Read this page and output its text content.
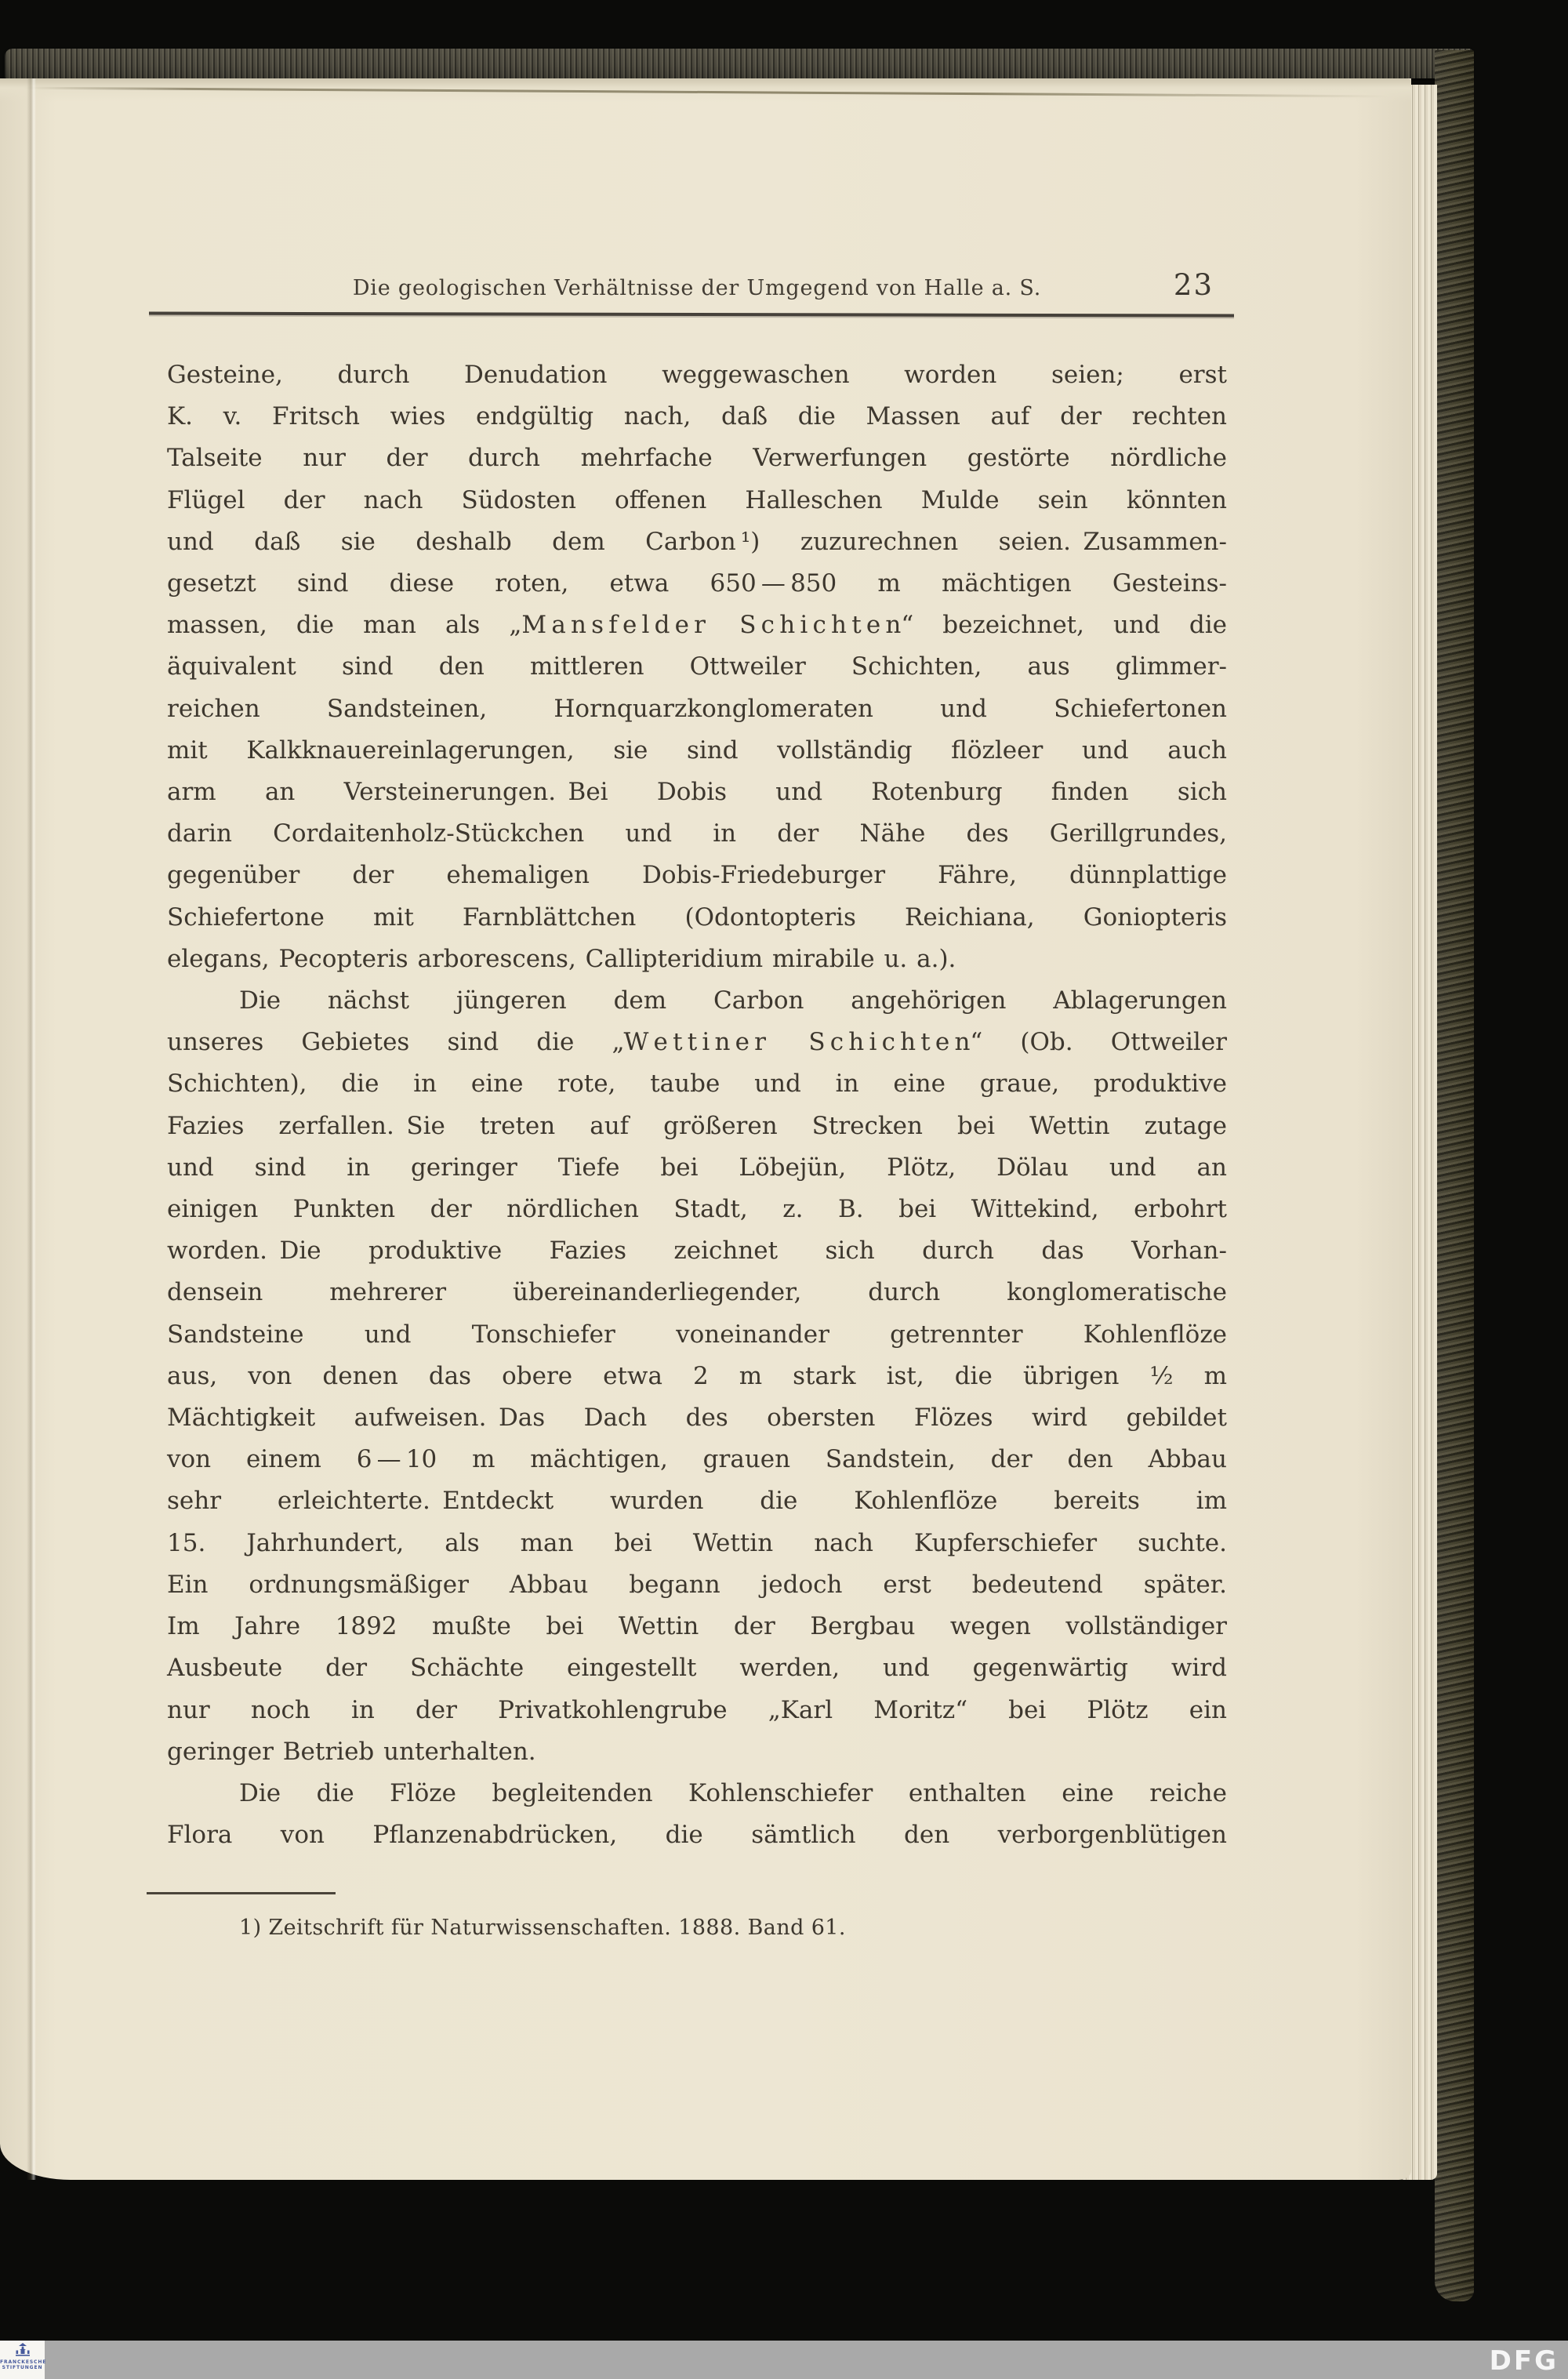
Die geologischen Verhältnisse der Umgegend von Halle a. S.	23
Gesteine, durch Denudation weggewaschen worden seien; erst
K. v. Fritsch wies endgültig nach, daß die Massen auf der rechten
Talseite nur der durch mehrfache Verwerfungen gestörte nördliche
Flügel der nach Südosten offenen Halleschen Mulde sein könnten
und daß sie deshalb dem Carbon ¹) zuzurechnen seien. Zusammen-
gesetzt sind diese roten, etwa 650 — 850 m mächtigen Gesteins-
massen, die man als „M a n s f e l d e r  S c h i c h t e n“ bezeichnet, und die
äquivalent sind den mittleren Ottweiler Schichten, aus glimmer-
reichen Sandsteinen, Hornquarzkonglomeraten und Schiefertonen
mit Kalkknauereinlagerungen, sie sind vollständig flözleer und auch
arm an Versteinerungen. Bei Dobis und Rotenburg finden sich
darin Cordaitenholz-Stückchen und in der Nähe des Gerillgrundes,
gegenüber der ehemaligen Dobis-Friedeburger Fähre, dünnplattige
Schiefertone mit Farnblättchen (Odontopteris Reichiana, Goniopteris
elegans, Pecopteris arborescens, Callipteridium mirabile u. a.).
Die nächst jüngeren dem Carbon angehörigen Ablagerungen
unseres Gebietes sind die „W e t t i n e r  S c h i c h t e n“ (Ob. Ottweiler
Schichten), die in eine rote, taube und in eine graue, produktive
Fazies zerfallen. Sie treten auf größeren Strecken bei Wettin zutage
und sind in geringer Tiefe bei Löbejün, Plötz, Dölau und an
einigen Punkten der nördlichen Stadt, z. B. bei Wittekind, erbohrt
worden. Die produktive Fazies zeichnet sich durch das Vorhan-
densein mehrerer übereinanderliegender, durch konglomeratische
Sandsteine und Tonschiefer voneinander getrennter Kohlenflöze
aus, von denen das obere etwa 2 m stark ist, die übrigen ½ m
Mächtigkeit aufweisen. Das Dach des obersten Flözes wird gebildet
von einem 6 — 10 m mächtigen, grauen Sandstein, der den Abbau
sehr erleichterte. Entdeckt wurden die Kohlenflöze bereits im
15. Jahrhundert, als man bei Wettin nach Kupferschiefer suchte.
Ein ordnungsmäßiger Abbau begann jedoch erst bedeutend später.
Im Jahre 1892 mußte bei Wettin der Bergbau wegen vollständiger
Ausbeute der Schächte eingestellt werden, und gegenwärtig wird
nur noch in der Privatkohlengrube „Karl Moritz“ bei Plötz ein
geringer Betrieb unterhalten.
Die die Flöze begleitenden Kohlenschiefer enthalten eine reiche
Flora von Pflanzenabdrücken, die sämtlich den verborgenblütigen
1) Zeitschrift für Naturwissenschaften. 1888. Band 61.
FRANCKESCHE
STIFTUNGEN	DFG
